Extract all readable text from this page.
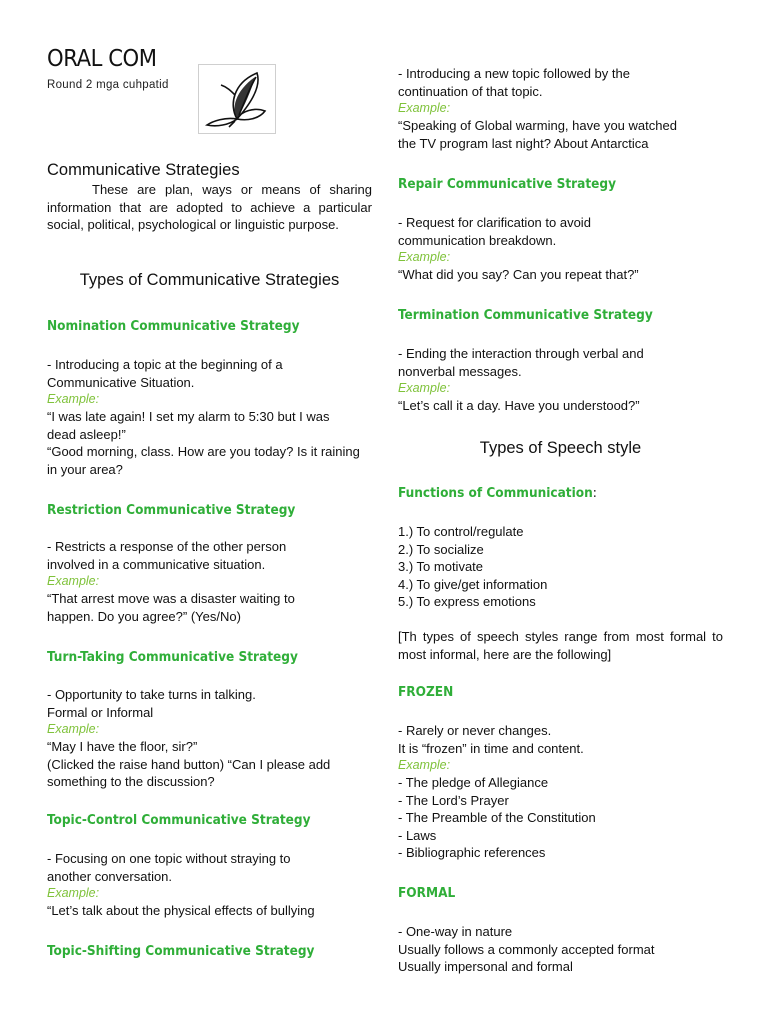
ORAL COM
Round 2 mga cuhpatid
Communicative Strategies
These are plan, ways or means of sharing information that are adopted to achieve a particular social, political, psychological or linguistic purpose.
Types of Communicative Strategies
Nomination Communicative Strategy
- Introducing a topic at the beginning of a
Communicative Situation.
Example:
“I was late again! I set my alarm to 5:30 but I was
dead asleep!”
“Good morning, class. How are you today? Is it raining
in your area?
Restriction Communicative Strategy
- Restricts a response of the other person
involved in a communicative situation.
Example:
“That arrest move was a disaster waiting to
happen. Do you agree?” (Yes/No)
Turn-Taking Communicative Strategy
- Opportunity to take turns in talking.
Formal or Informal
Example:
“May I have the floor, sir?”
(Clicked the raise hand button) “Can I please add
something to the discussion?
Topic-Control Communicative Strategy
- Focusing on one topic without straying to
another conversation.
Example:
“Let’s talk about the physical effects of bullying
Topic-Shifting Communicative Strategy
- Introducing a new topic followed by the
continuation of that topic.
Example:
“Speaking of Global warming, have you watched
the TV program last night? About Antarctica
Repair Communicative Strategy
- Request for clarification to avoid
communication breakdown.
Example:
“What did you say? Can you repeat that?”
Termination Communicative Strategy
- Ending the interaction through verbal and
nonverbal messages.
Example:
“Let’s call it a day. Have you understood?”
Types of Speech style
Functions of Communication:
1.) To control/regulate
2.) To socialize
3.) To motivate
4.) To give/get information
5.) To express emotions
[Th types of speech styles range from most formal to most informal, here are the following]
FROZEN
- Rarely or never changes.
It is “frozen” in time and content.
Example:
- The pledge of Allegiance
- The Lord’s Prayer
- The Preamble of the Constitution
- Laws
- Bibliographic references
FORMAL
- One-way in nature
Usually follows a commonly accepted format
Usually impersonal and formal
